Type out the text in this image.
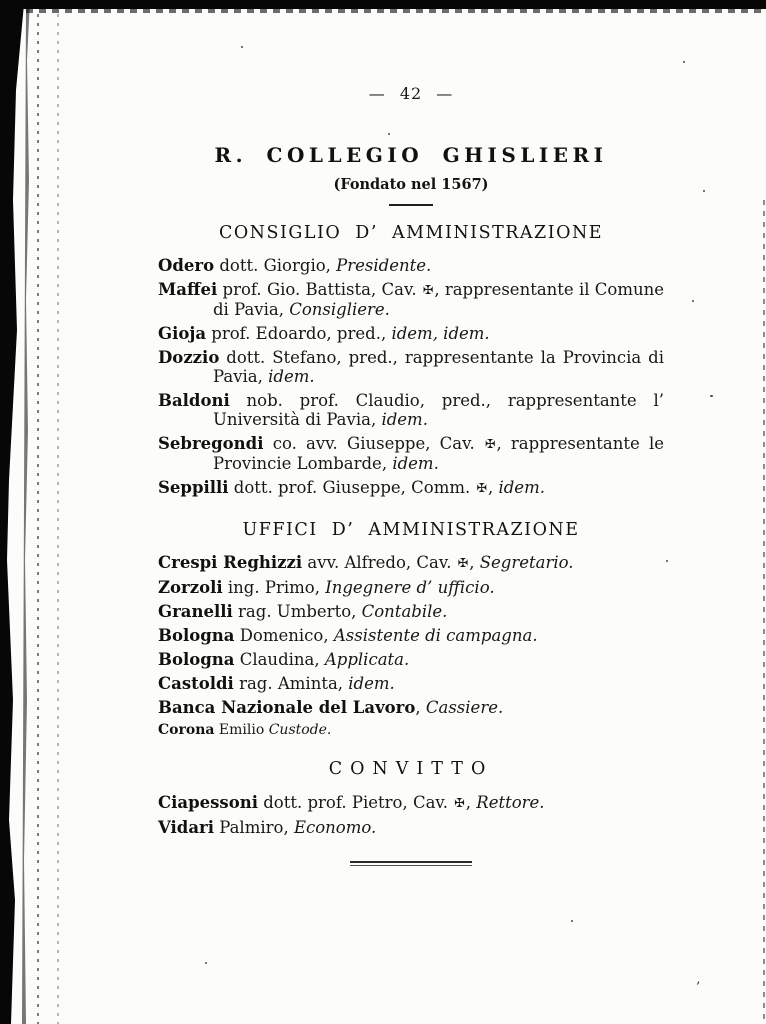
’
— 42 —
R. COLLEGIO GHISLIERI
(Fondato nel 1567)
CONSIGLIO D’ AMMINISTRAZIONE

Odero dott. Giorgio, Presidente.

Maffei prof. Gio. Battista, Cav. ✠, rappresentante il Comune di Pavia, Consigliere.

Gioja prof. Edoardo, pred., idem, idem.

Dozzio dott. Stefano, pred., rappresentante la Provincia di Pavia, idem.

Baldoni nob. prof. Claudio, pred., rappresentante l’ Università di Pavia, idem.

Sebregondi co. avv. Giuseppe, Cav. ✠, rappresentante le Provincie Lombarde, idem.

Seppilli dott. prof. Giuseppe, Comm. ✠, idem.

UFFICI D’ AMMINISTRAZIONE

Crespi Reghizzi avv. Alfredo, Cav. ✠, Segretario.

Zorzoli ing. Primo, Ingegnere d’ ufficio.

Granelli rag. Umberto, Contabile.

Bologna Domenico, Assistente di campagna.

Bologna Claudina, Applicata.

Castoldi rag. Aminta, idem.

Banca Nazionale del Lavoro, Cassiere.

Corona Emilio Custode.

CONVITTO

Ciapessoni dott. prof. Pietro, Cav. ✠, Rettore.

Vidari Palmiro, Economo.
